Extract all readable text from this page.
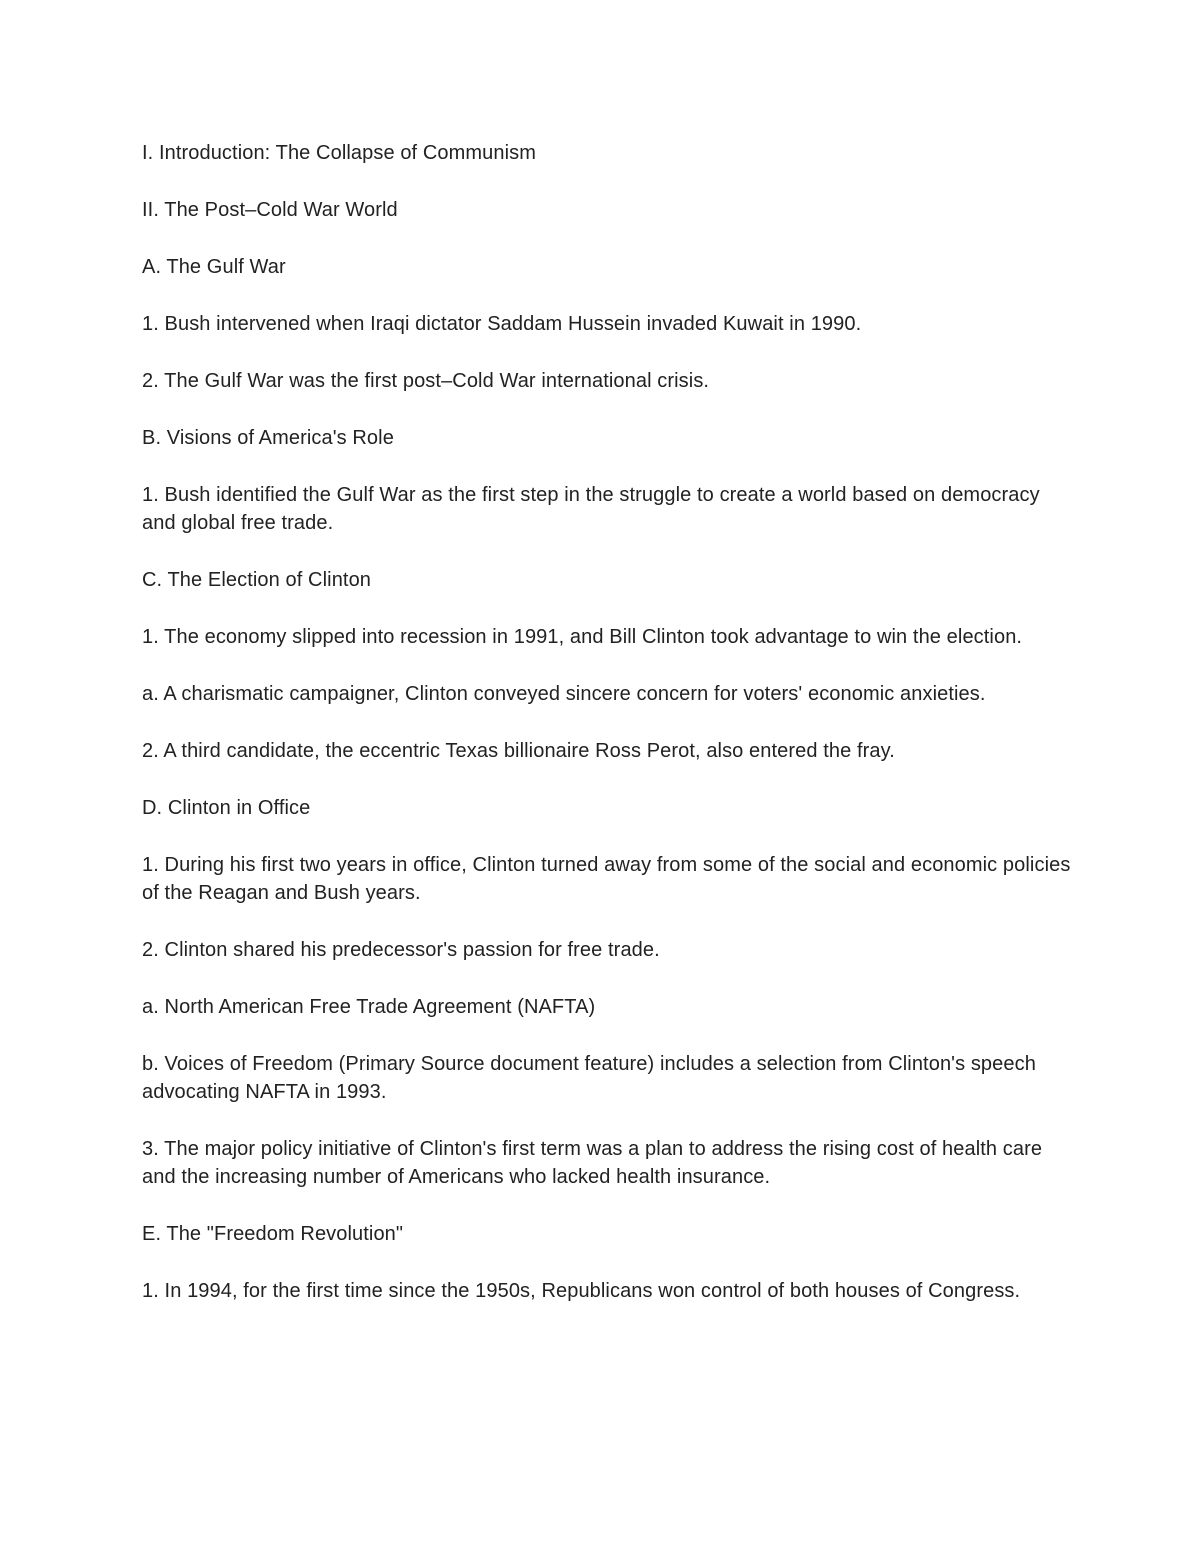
I. Introduction: The Collapse of Communism

II. The Post–Cold War World

A. The Gulf War

1. Bush intervened when Iraqi dictator Saddam Hussein invaded Kuwait in 1990.

2. The Gulf War was the first post–Cold War international crisis.

B. Visions of America's Role

1. Bush identified the Gulf War as the first step in the struggle to create a world based on democracy and global free trade.

C. The Election of Clinton

1. The economy slipped into recession in 1991, and Bill Clinton took advantage to win the election.

a. A charismatic campaigner, Clinton conveyed sincere concern for voters' economic anxieties.

2. A third candidate, the eccentric Texas billionaire Ross Perot, also entered the fray.

D. Clinton in Office

1. During his first two years in office, Clinton turned away from some of the social and economic policies of the Reagan and Bush years.

2. Clinton shared his predecessor's passion for free trade.

a. North American Free Trade Agreement (NAFTA)

b. Voices of Freedom (Primary Source document feature) includes a selection from Clinton's speech advocating NAFTA in 1993.

3. The major policy initiative of Clinton's first term was a plan to address the rising cost of health care and the increasing number of Americans who lacked health insurance.

E. The "Freedom Revolution"

1. In 1994, for the first time since the 1950s, Republicans won control of both houses of Congress.
